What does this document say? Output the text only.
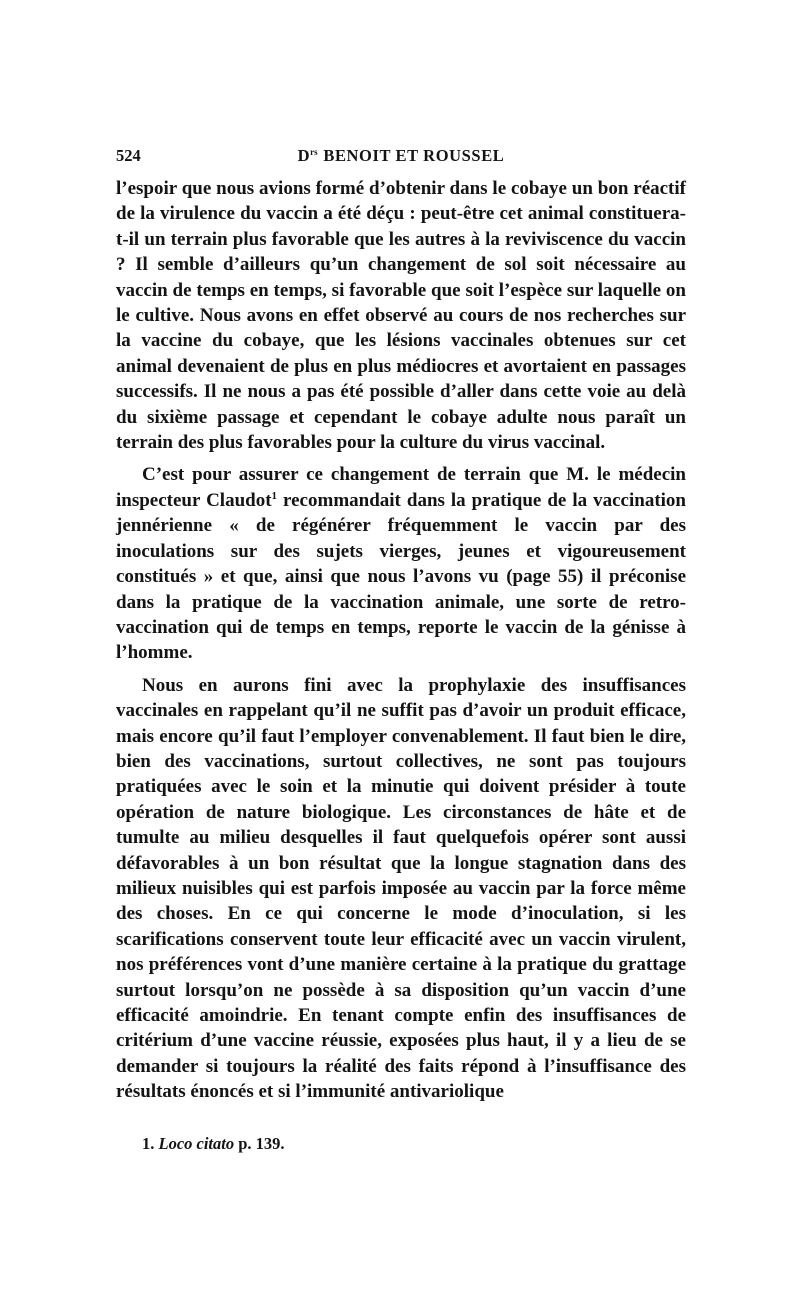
524	$D^{rs}$ BENOIT ET ROUSSEL

l’espoir que nous avions formé d’obtenir dans le cobaye un bon réactif de la virulence du vaccin a été déçu : peut-être cet animal constituera-t-il un terrain plus favorable que les autres à la reviviscence du vaccin ? Il semble d’ailleurs qu’un changement de sol soit nécessaire au vaccin de temps en temps, si favorable que soit l’espèce sur laquelle on le cultive. Nous avons en effet observé au cours de nos recherches sur la vaccine du cobaye, que les lésions vaccinales obtenues sur cet animal devenaient de plus en plus médiocres et avortaient en passages successifs. Il ne nous a pas été possible d’aller dans cette voie au delà du sixième passage et cependant le cobaye adulte nous paraît un terrain des plus favorables pour la culture du virus vaccinal.

C’est pour assurer ce changement de terrain que M. le médecin inspecteur Claudot$^1$ recommandait dans la pratique de la vaccination jennérienne « de régénérer fréquemment le vaccin par des inoculations sur des sujets vierges, jeunes et vigoureusement constitués » et que, ainsi que nous l’avons vu (page 55) il préconise dans la pratique de la vaccination animale, une sorte de retro-vaccination qui de temps en temps, reporte le vaccin de la génisse à l’homme.

Nous en aurons fini avec la prophylaxie des insuffisances vaccinales en rappelant qu’il ne suffit pas d’avoir un produit efficace, mais encore qu’il faut l’employer convenablement. Il faut bien le dire, bien des vaccinations, surtout collectives, ne sont pas toujours pratiquées avec le soin et la minutie qui doivent présider à toute opération de nature biologique. Les circonstances de hâte et de tumulte au milieu desquelles il faut quelquefois opérer sont aussi défavorables à un bon résultat que la longue stagnation dans des milieux nuisibles qui est parfois imposée au vaccin par la force même des choses. En ce qui concerne le mode d’inoculation, si les scarifications conservent toute leur efficacité avec un vaccin virulent, nos préférences vont d’une manière certaine à la pratique du grattage surtout lorsqu’on ne possède à sa disposition qu’un vaccin d’une efficacité amoindrie. En tenant compte enfin des insuffisances de critérium d’une vaccine réussie, exposées plus haut, il y a lieu de se demander si toujours la réalité des faits répond à l’insuffisance des résultats énoncés et si l’immunité antivariolique

1. Loco citato p. 139.
